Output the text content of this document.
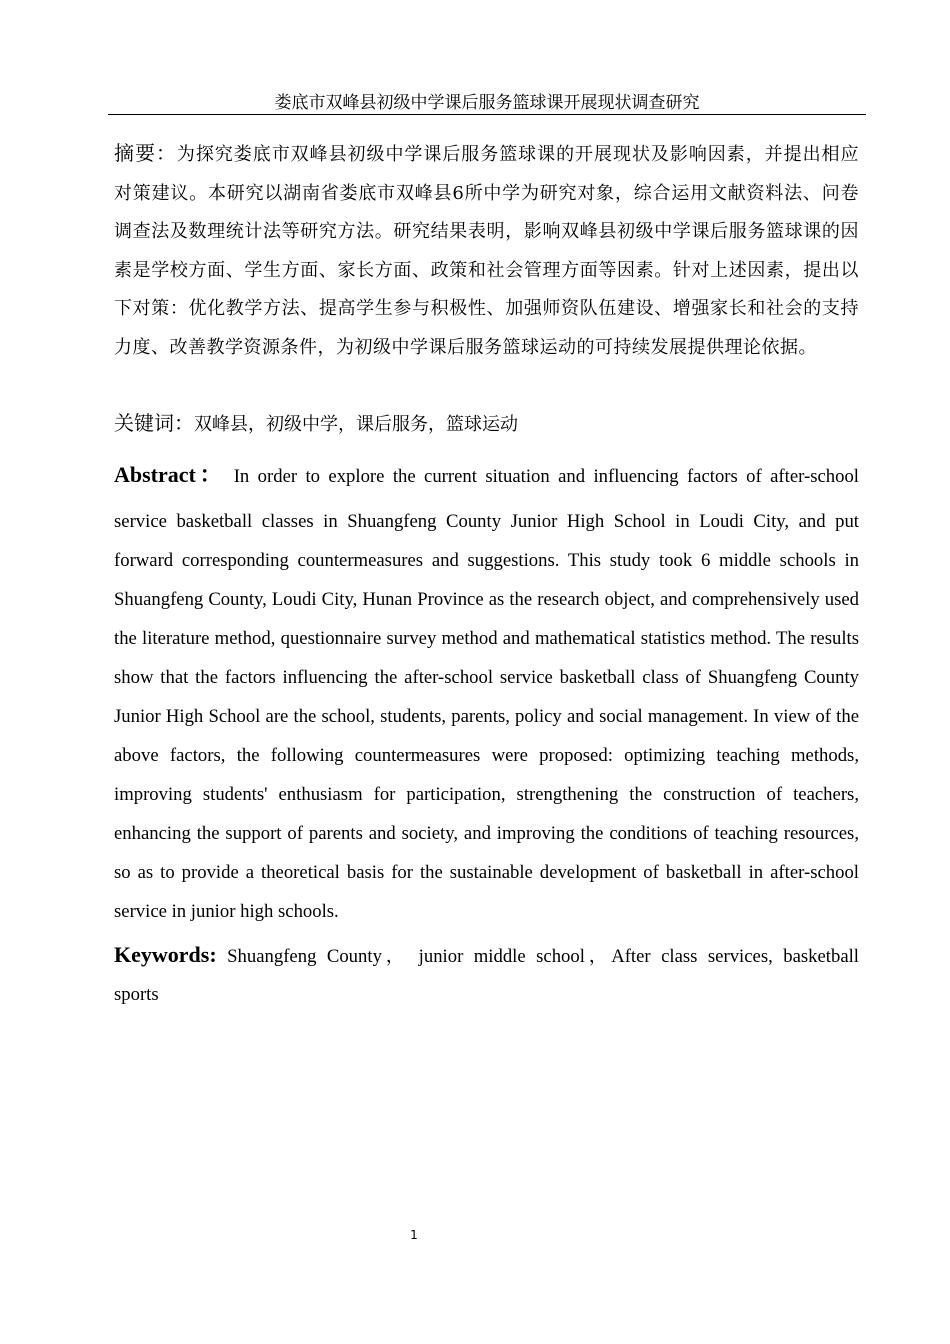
娄底市双峰县初级中学课后服务篮球课开展现状调查研究
摘要：为探究娄底市双峰县初级中学课后服务篮球课的开展现状及影响因素，并提出相应对策建议。本研究以湖南省娄底市双峰县6所中学为研究对象，综合运用文献资料法、问卷调查法及数理统计法等研究方法。研究结果表明，影响双峰县初级中学课后服务篮球课的因素是学校方面、学生方面、家长方面、政策和社会管理方面等因素。针对上述因素，提出以下对策：优化教学方法、提高学生参与积极性、加强师资队伍建设、增强家长和社会的支持力度、改善教学资源条件，为初级中学课后服务篮球运动的可持续发展提供理论依据。
关键词：双峰县，初级中学，课后服务，篮球运动
Abstract： In order to explore the current situation and influencing factors of after-school
service basketball classes in Shuangfeng County Junior High School in Loudi City, and put forward corresponding countermeasures and suggestions. This study took 6 middle schools in Shuangfeng County, Loudi City, Hunan Province as the research object, and comprehensively used the literature method, questionnaire survey method and mathematical statistics method. The results show that the factors influencing the after-school service basketball class of Shuangfeng County Junior High School are the school, students, parents, policy and social management. In view of the above factors, the following countermeasures were proposed: optimizing teaching methods, improving students' enthusiasm for participation, strengthening the construction of teachers, enhancing the support of parents and society, and improving the conditions of teaching resources, so as to provide a theoretical basis for the sustainable development of basketball in after-school service in junior high schools.
Keywords: Shuangfeng County， junior middle school，After class services, basketball sports
1
